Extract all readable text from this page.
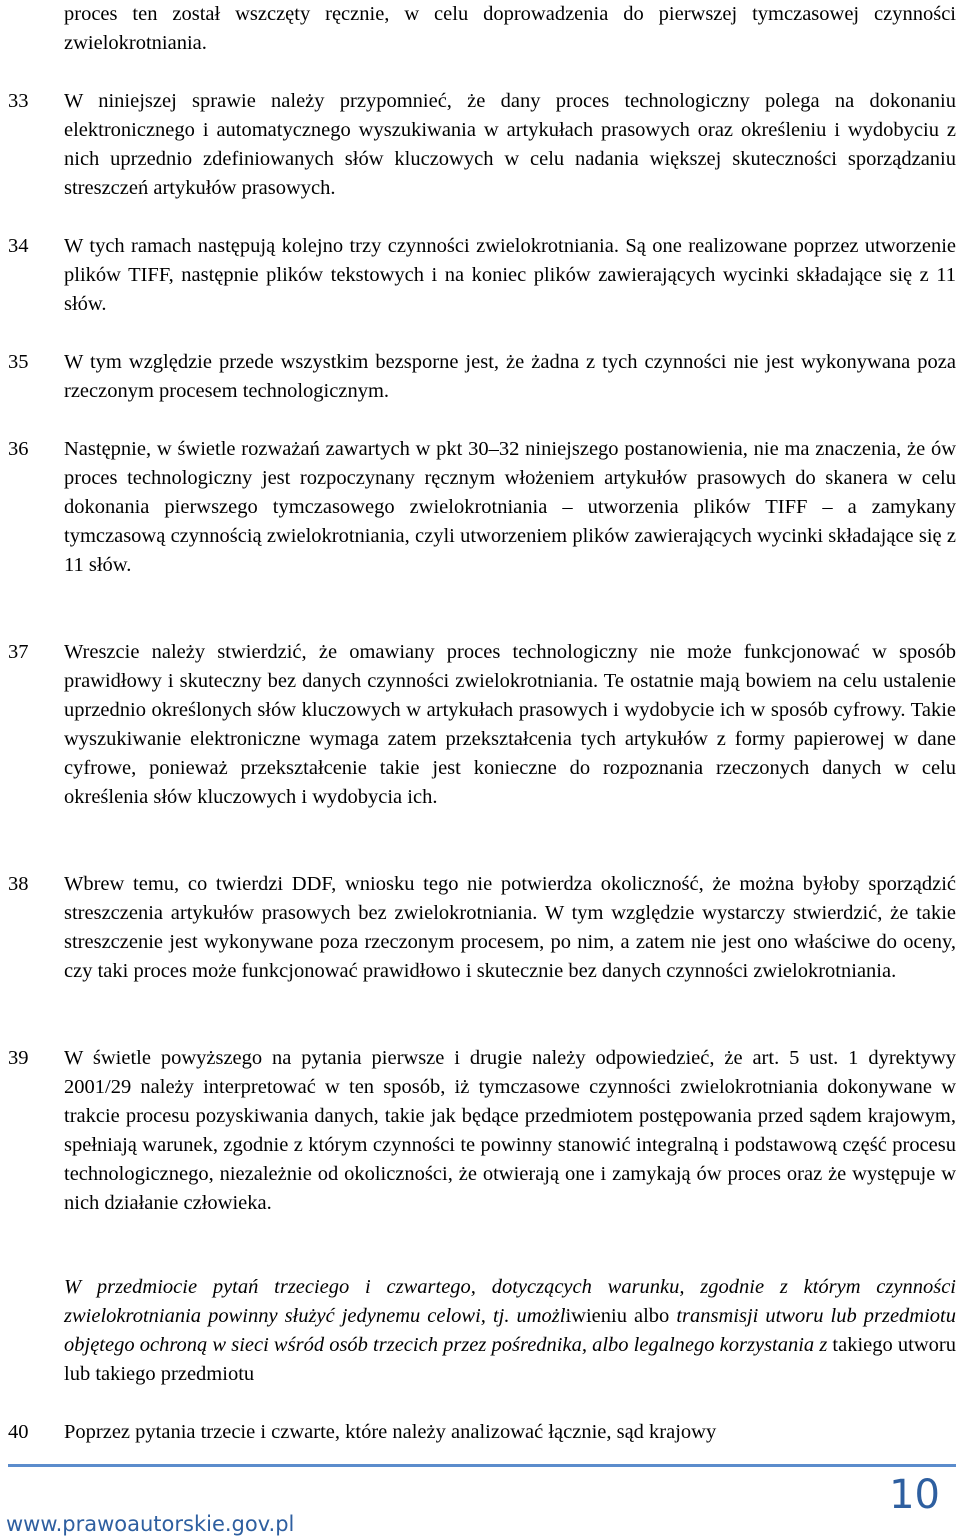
proces ten został wszczęty ręcznie, w celu doprowadzenia do pierwszej tymczasowej czynności zwielokrotniania.
33	W niniejszej sprawie należy przypomnieć, że dany proces technologiczny polega na dokonaniu elektronicznego i automatycznego wyszukiwania w artykułach prasowych oraz określeniu i wydobyciu z nich uprzednio zdefiniowanych słów kluczowych w celu nadania większej skuteczności sporządzaniu streszczeń artykułów prasowych.
34	W tych ramach następują kolejno trzy czynności zwielokrotniania. Są one realizowane poprzez utworzenie plików TIFF, następnie plików tekstowych i na koniec plików zawierających wycinki składające się z 11 słów.
35	W tym względzie przede wszystkim bezsporne jest, że żadna z tych czynności nie jest wykonywana poza rzeczonym procesem technologicznym.
36	Następnie, w świetle rozważań zawartych w pkt 30–32 niniejszego postanowienia, nie ma znaczenia, że ów proces technologiczny jest rozpoczynany ręcznym włożeniem artykułów prasowych do skanera w celu dokonania pierwszego tymczasowego zwielokrotniania – utworzenia plików TIFF – a zamykany tymczasową czynnością zwielokrotniania, czyli utworzeniem plików zawierających wycinki składające się z 11 słów.
37	Wreszcie należy stwierdzić, że omawiany proces technologiczny nie może funkcjonować w sposób prawidłowy i skuteczny bez danych czynności zwielokrotniania. Te ostatnie mają bowiem na celu ustalenie uprzednio określonych słów kluczowych w artykułach prasowych i wydobycie ich w sposób cyfrowy. Takie wyszukiwanie elektroniczne wymaga zatem przekształcenia tych artykułów z formy papierowej w dane cyfrowe, ponieważ przekształcenie takie jest konieczne do rozpoznania rzeczonych danych w celu określenia słów kluczowych i wydobycia ich.
38	Wbrew temu, co twierdzi DDF, wniosku tego nie potwierdza okoliczność, że można byłoby sporządzić streszczenia artykułów prasowych bez zwielokrotniania. W tym względzie wystarczy stwierdzić, że takie streszczenie jest wykonywane poza rzeczonym procesem, po nim, a zatem nie jest ono właściwe do oceny, czy taki proces może funkcjonować prawidłowo i skutecznie bez danych czynności zwielokrotniania.
39	W świetle powyższego na pytania pierwsze i drugie należy odpowiedzieć, że art. 5 ust. 1 dyrektywy 2001/29 należy interpretować w ten sposób, iż tymczasowe czynności zwielokrotniania dokonywane w trakcie procesu pozyskiwania danych, takie jak będące przedmiotem postępowania przed sądem krajowym, spełniają warunek, zgodnie z którym czynności te powinny stanowić integralną i podstawową część procesu technologicznego, niezależnie od okoliczności, że otwierają one i zamykają ów proces oraz że występuje w nich działanie człowieka.
W przedmiocie pytań trzeciego i czwartego, dotyczących warunku, zgodnie z którym czynności zwielokrotniania powinny służyć jedynemu celowi, tj. umożliwieniu albo transmisji utworu lub przedmiotu objętego ochroną w sieci wśród osób trzecich przez pośrednika, albo legalnego korzystania z takiego utworu lub takiego przedmiotu
40	Poprzez pytania trzecie i czwarte, które należy analizować łącznie, sąd krajowy
10
www.prawoautorskie.gov.pl
